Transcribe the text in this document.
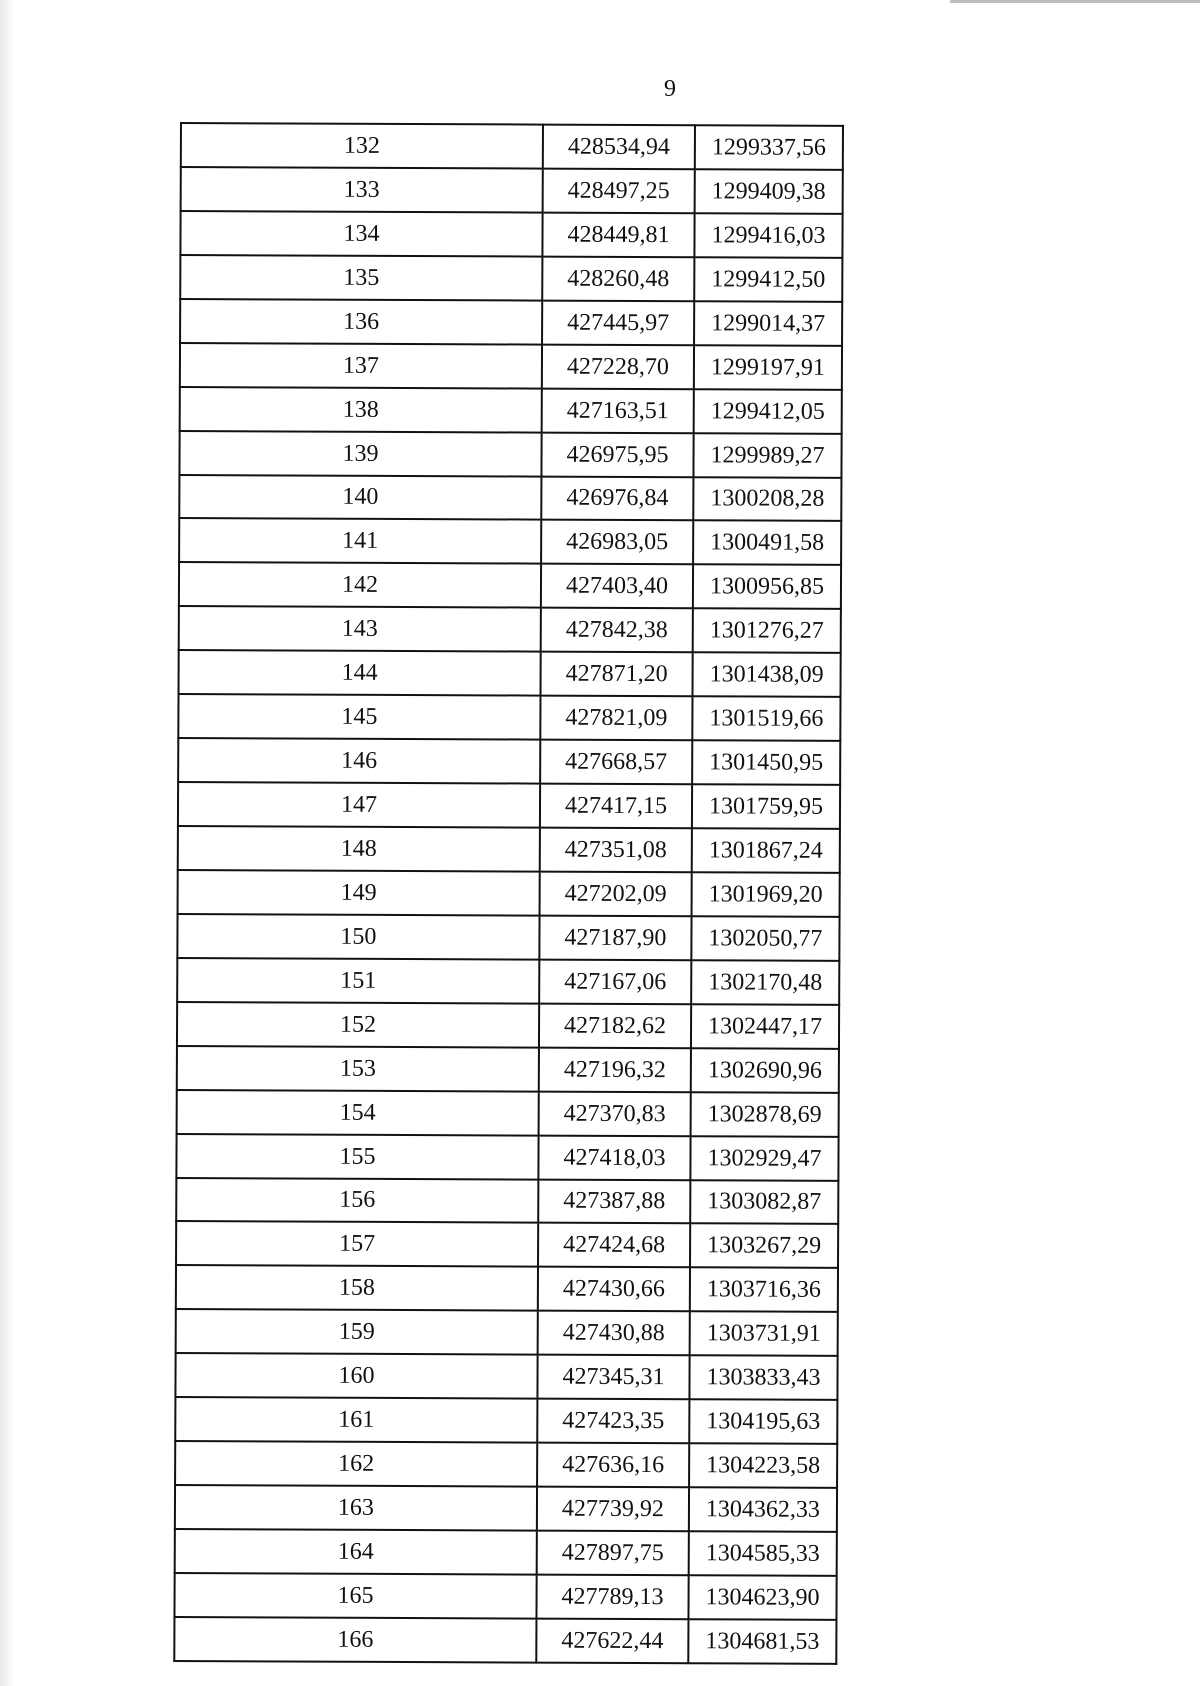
9
132	428534,94	1299337,56
133	428497,25	1299409,38
134	428449,81	1299416,03
135	428260,48	1299412,50
136	427445,97	1299014,37
137	427228,70	1299197,91
138	427163,51	1299412,05
139	426975,95	1299989,27
140	426976,84	1300208,28
141	426983,05	1300491,58
142	427403,40	1300956,85
143	427842,38	1301276,27
144	427871,20	1301438,09
145	427821,09	1301519,66
146	427668,57	1301450,95
147	427417,15	1301759,95
148	427351,08	1301867,24
149	427202,09	1301969,20
150	427187,90	1302050,77
151	427167,06	1302170,48
152	427182,62	1302447,17
153	427196,32	1302690,96
154	427370,83	1302878,69
155	427418,03	1302929,47
156	427387,88	1303082,87
157	427424,68	1303267,29
158	427430,66	1303716,36
159	427430,88	1303731,91
160	427345,31	1303833,43
161	427423,35	1304195,63
162	427636,16	1304223,58
163	427739,92	1304362,33
164	427897,75	1304585,33
165	427789,13	1304623,90
166	427622,44	1304681,53
